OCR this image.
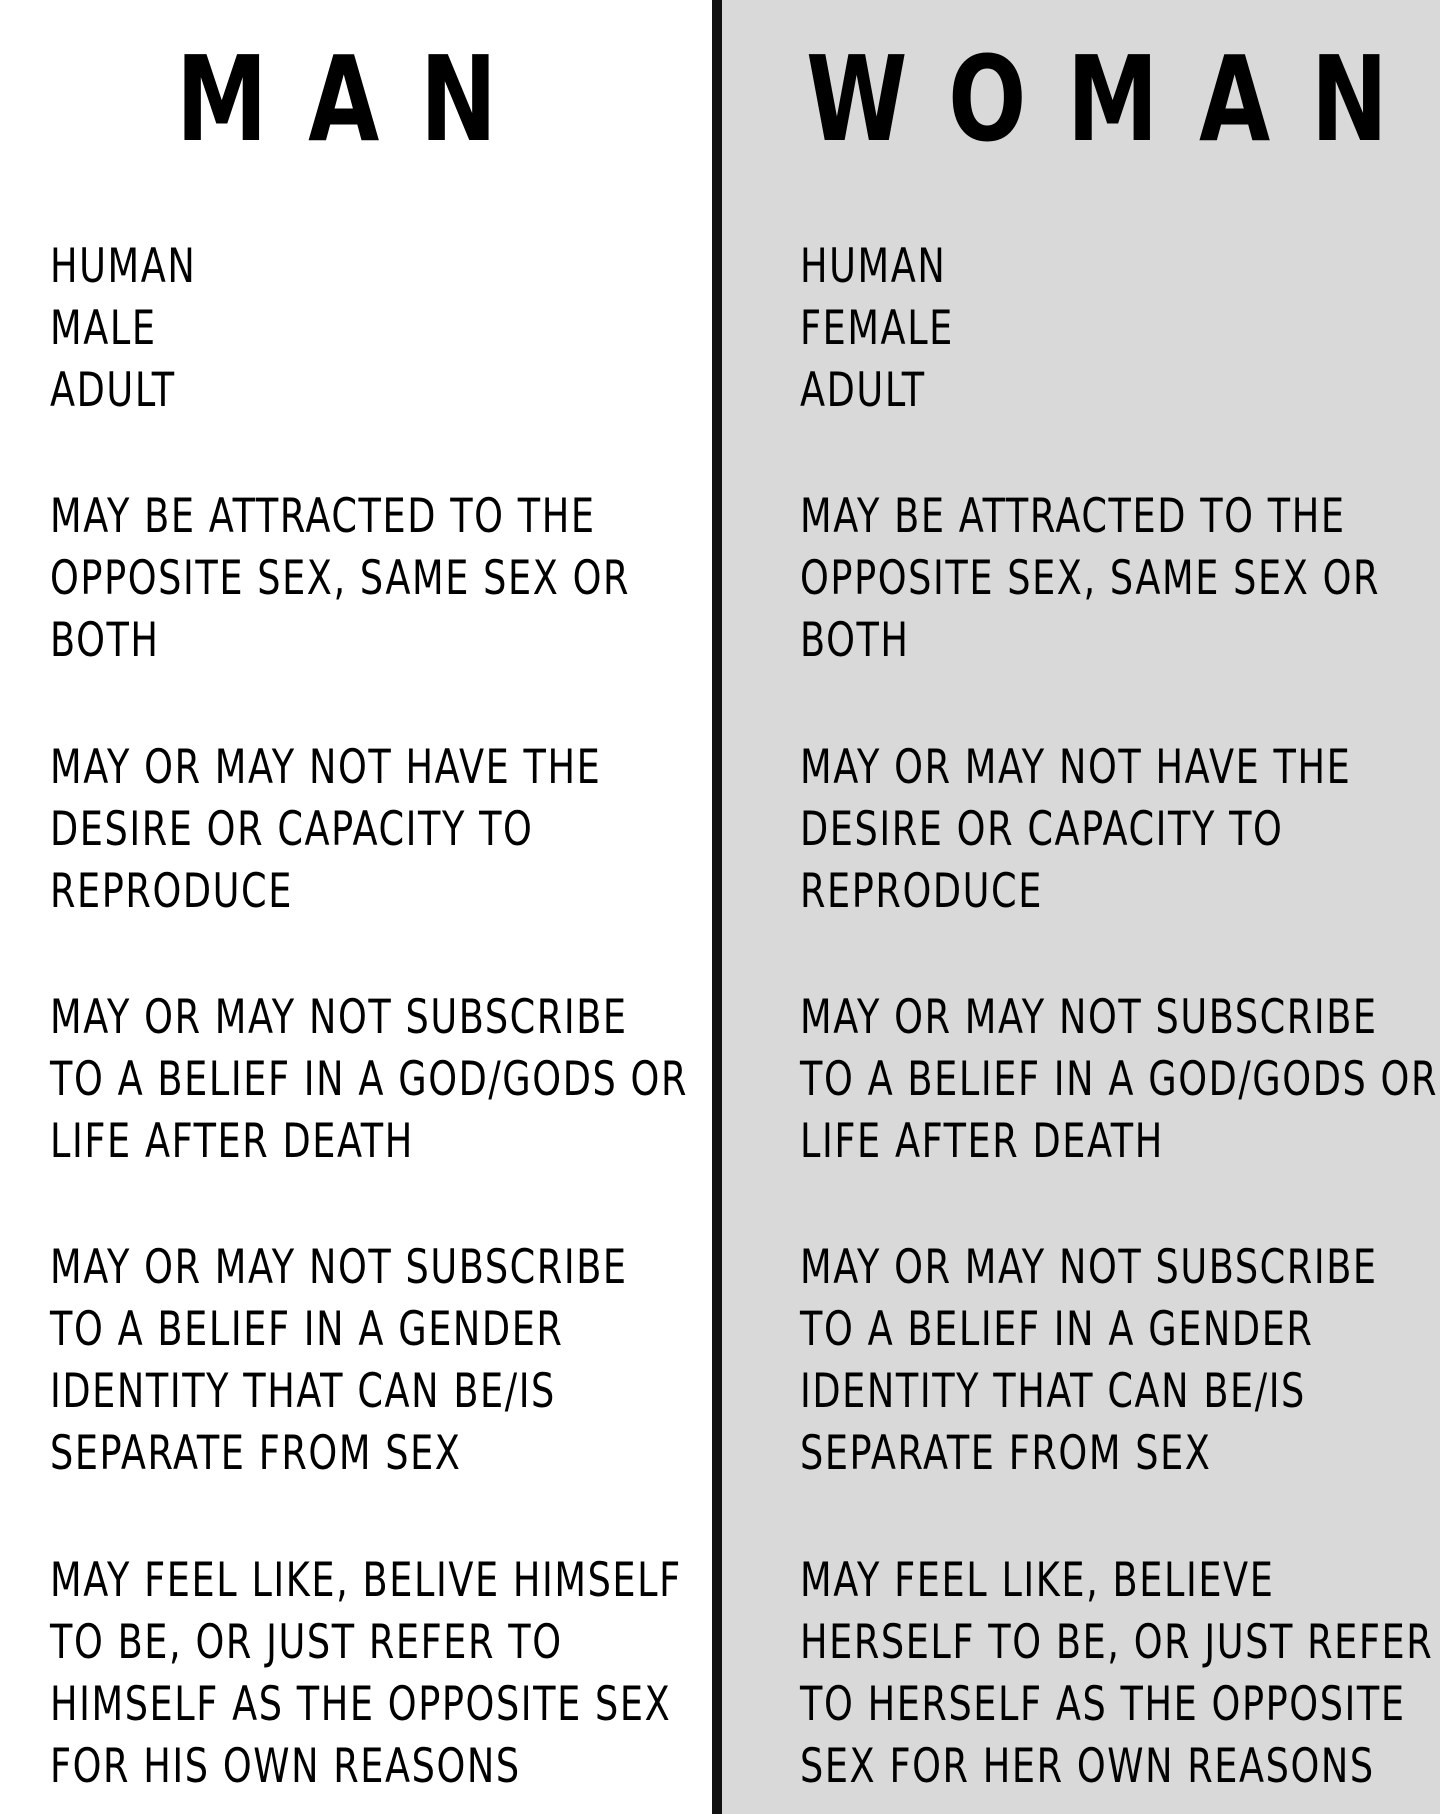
MAN
HUMAN
MALE
ADULT
MAY BE ATTRACTED TO THE
OPPOSITE SEX, SAME SEX OR
BOTH
MAY OR MAY NOT HAVE THE
DESIRE OR CAPACITY TO
REPRODUCE
MAY OR MAY NOT SUBSCRIBE
TO A BELIEF IN A GOD/GODS OR
LIFE AFTER DEATH
MAY OR MAY NOT SUBSCRIBE
TO A BELIEF IN A GENDER
IDENTITY THAT CAN BE/IS
SEPARATE FROM SEX
MAY FEEL LIKE, BELIVE HIMSELF
TO BE, OR JUST REFER TO
HIMSELF AS THE OPPOSITE SEX
FOR HIS OWN REASONS
WOMAN
HUMAN
FEMALE
ADULT
MAY BE ATTRACTED TO THE
OPPOSITE SEX, SAME SEX OR
BOTH
MAY OR MAY NOT HAVE THE
DESIRE OR CAPACITY TO
REPRODUCE
MAY OR MAY NOT SUBSCRIBE
TO A BELIEF IN A GOD/GODS OR
LIFE AFTER DEATH
MAY OR MAY NOT SUBSCRIBE
TO A BELIEF IN A GENDER
IDENTITY THAT CAN BE/IS
SEPARATE FROM SEX
MAY FEEL LIKE, BELIEVE
HERSELF TO BE, OR JUST REFER
TO HERSELF AS THE OPPOSITE
SEX FOR HER OWN REASONS
